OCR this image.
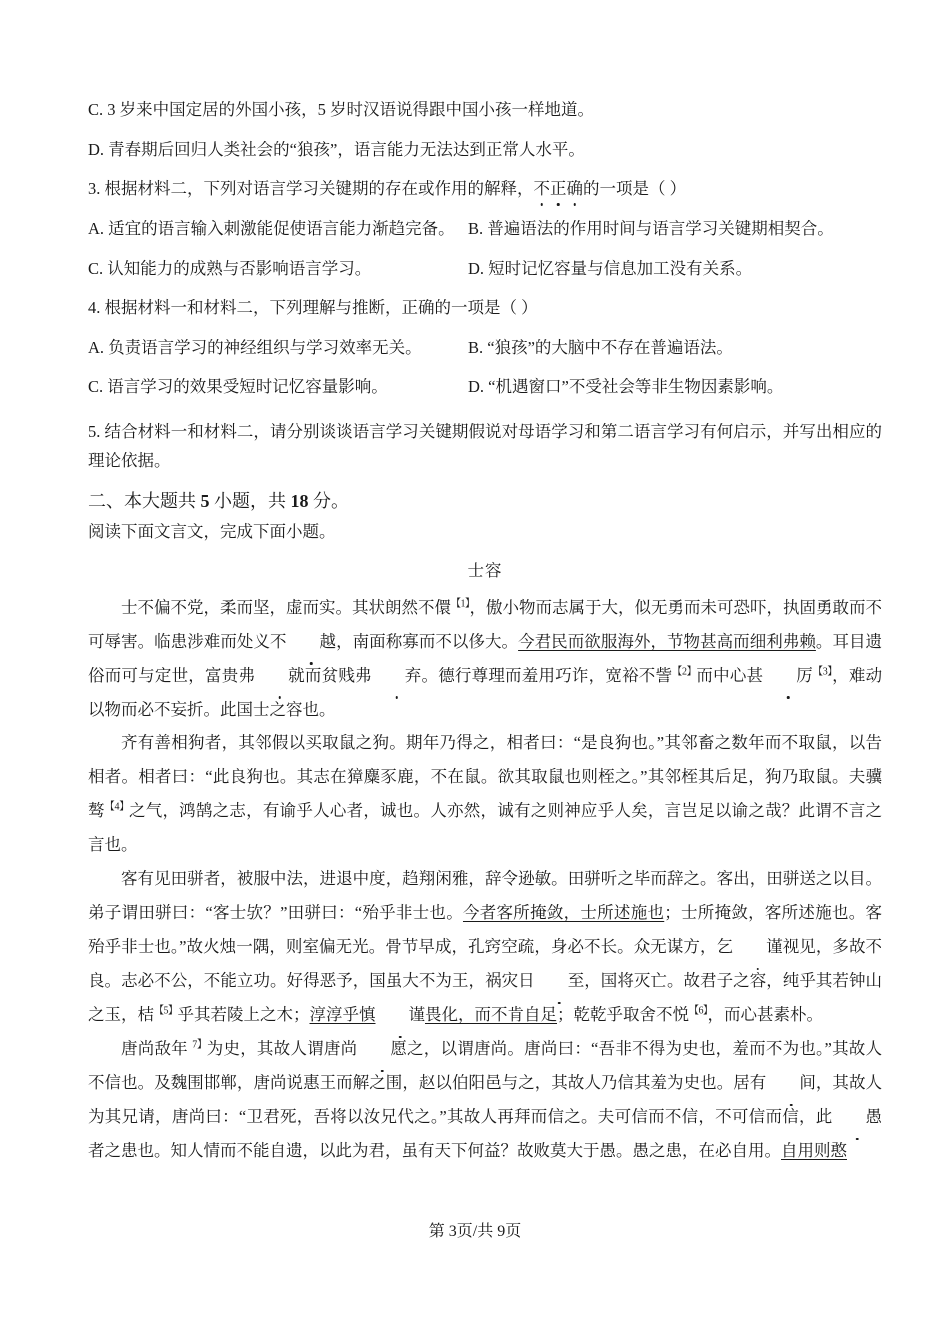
C. 3 岁来中国定居的外国小孩，5 岁时汉语说得跟中国小孩一样地道。

D. 青春期后回归人类社会的“狼孩”，语言能力无法达到正常人水平。

3. 根据材料二，下列对语言学习关键期的存在或作用的解释，不正确的一项是（ ）

A. 适宜的语言输入刺激能促使语言能力渐趋完备。 B. 普遍语法的作用时间与语言学习关键期相契合。
C. 认知能力的成熟与否影响语言学习。	D. 短时记忆容量与信息加工没有关系。

4. 根据材料一和材料二，下列理解与推断，正确的一项是（ ）

A. 负责语言学习的神经组织与学习效率无关。	B. “狼孩”的大脑中不存在普遍语法。
C. 语言学习的效果受短时记忆容量影响。	D. “机遇窗口”不受社会等非生物因素影响。

5. 结合材料一和材料二，请分别谈谈语言学习关键期假说对母语学习和第二语言学习有何启示，并写出相应的理论依据。

二、本大题共 5 小题，共 18 分。

阅读下面文言文，完成下面小题。

士容

士不偏不党，柔而坚，虚而实。其状朗然不儇$^{【1】}$，傲小物而志属于大，似无勇而未可恐吓，执固勇敢而不可辱害。临患涉难而处义不 越，南面称寡而不以侈大。今君民而欲服海外，节物甚高而细利弗赖。耳目遗俗而可与定世，富贵弗 就而贫贱弗 弃。德行尊理而羞用巧诈，宽裕不訾$^{【2】}$而中心甚 厉$^{【3】}$，难动以物而必不妄折。此国士之容也。

齐有善相狗者，其邻假以买取鼠之狗。期年乃得之，相者曰：“是良狗也。”其邻畜之数年而不取鼠，以告相者。相者曰：“此良狗也。其志在獐麋豕鹿，不在鼠。欲其取鼠也则桎之。”其邻桎其后足，狗乃取鼠。夫骥骜$^{【4】}$之气，鸿鹄之志，有谕乎人心者，诚也。人亦然，诚有之则神应乎人矣，言岂足以谕之哉？此谓不言之言也。

客有见田骈者，被服中法，进退中度，趋翔闲雅，辞令逊敏。田骈听之毕而辞之。客出，田骈送之以目。弟子谓田骈曰：“客士欤？”田骈曰：“殆乎非士也。今者客所掩敛，士所述施也；士所掩敛，客所述施也。客殆乎非士也。”故火烛一隅，则室偏无光。骨节早成，孔窍空疏，身必不长。众无谋方，乞 谨视见，多故不良。志必不公，不能立功。好得恶予，国虽大不为王，祸灾日 至，国将灭亡。故君子之容，纯乎其若钟山之玉，桔$^{【5】}$乎其若陵上之木；淳淳乎慎 谨畏化，而不肯自足；乾乾乎取舍不悦$^{【6】}$，而心甚素朴。

唐尚敌年 $^{7】}$为史，其故人谓唐尚 愿之，以谓唐尚。唐尚曰：“吾非不得为史也，羞而不为也。”其故人不信也。及魏围邯郸，唐尚说惠王而解之围，赵以伯阳邑与之，其故人乃信其羞为史也。居有 间，其故人为其兄请，唐尚曰：“卫君死，吾将以汝兄代之。”其故人再拜而信之。夫可信而不信，不可信而信，此 愚者之患也。知人情而不能自遗，以此为君，虽有天下何益？故败莫大于愚。愚之患，在必自用。自用则憨

第 3页/共 9页
